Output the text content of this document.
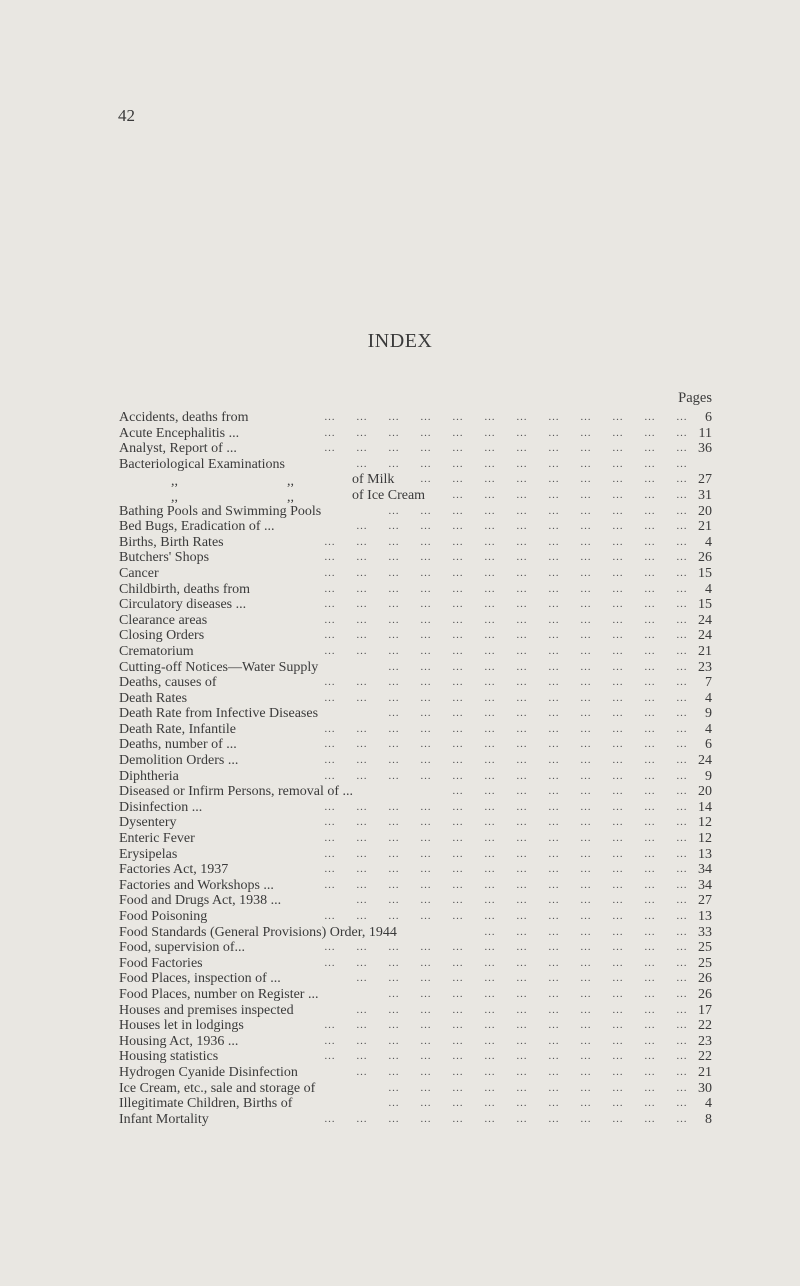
42
INDEX
Pages
Accidents, deaths from	… … … … … … … … … … … … 6
Acute Encephalitis ...	… … … … … … … … … … … … 11
Analyst, Report of ...	… … … … … … … … … … … … 36
Bacteriological Examinations	… … … … … … … … … … …
,,	,,	of Milk … … … … … … … … … 27
,,	,,	of Ice Cream … … … … … … … … 31
Bathing Pools and Swimming Pools	… … … … … … … … … … 20
Bed Bugs, Eradication of ...	… … … … … … … … … … … 21
Births, Birth Rates	… … … … … … … … … … … … 4
Butchers' Shops	… … … … … … … … … … … … 26
Cancer	… … … … … … … … … … … … 15
Childbirth, deaths from	… … … … … … … … … … … … 4
Circulatory diseases ...	… … … … … … … … … … … … 15
Clearance areas	… … … … … … … … … … … … 24
Closing Orders	… … … … … … … … … … … … 24
Crematorium	… … … … … … … … … … … … 21
Cutting-off Notices—Water Supply	… … … … … … … … … … 23
Deaths, causes of	… … … … … … … … … … … … 7
Death Rates	… … … … … … … … … … … … 4
Death Rate from Infective Diseases	… … … … … … … … … … 9
Death Rate, Infantile	… … … … … … … … … … … … 4
Deaths, number of ...	… … … … … … … … … … … … 6
Demolition Orders ...	… … … … … … … … … … … … 24
Diphtheria	… … … … … … … … … … … … 9
Diseased or Infirm Persons, removal of ...	… … … … … … … … 20
Disinfection ...	… … … … … … … … … … … … 14
Dysentery	… … … … … … … … … … … … 12
Enteric Fever	… … … … … … … … … … … … 12
Erysipelas	… … … … … … … … … … … … 13
Factories Act, 1937	… … … … … … … … … … … … 34
Factories and Workshops ...	… … … … … … … … … … … … 34
Food and Drugs Act, 1938 ...	… … … … … … … … … … … 27
Food Poisoning	… … … … … … … … … … … … 13
Food Standards (General Provisions) Order, 1944	… … … … … … … 33
Food, supervision of...	… … … … … … … … … … … … 25
Food Factories	… … … … … … … … … … … … 25
Food Places, inspection of ...	… … … … … … … … … … … 26
Food Places, number on Register ...	… … … … … … … … … … 26
Houses and premises inspected	… … … … … … … … … … … 17
Houses let in lodgings	… … … … … … … … … … … … 22
Housing Act, 1936 ...	… … … … … … … … … … … … 23
Housing statistics	… … … … … … … … … … … … 22
Hydrogen Cyanide Disinfection	… … … … … … … … … … … 21
Ice Cream, etc., sale and storage of	… … … … … … … … … … 30
Illegitimate Children, Births of	… … … … … … … … … … 4
Infant Mortality	… … … … … … … … … … … … 8
